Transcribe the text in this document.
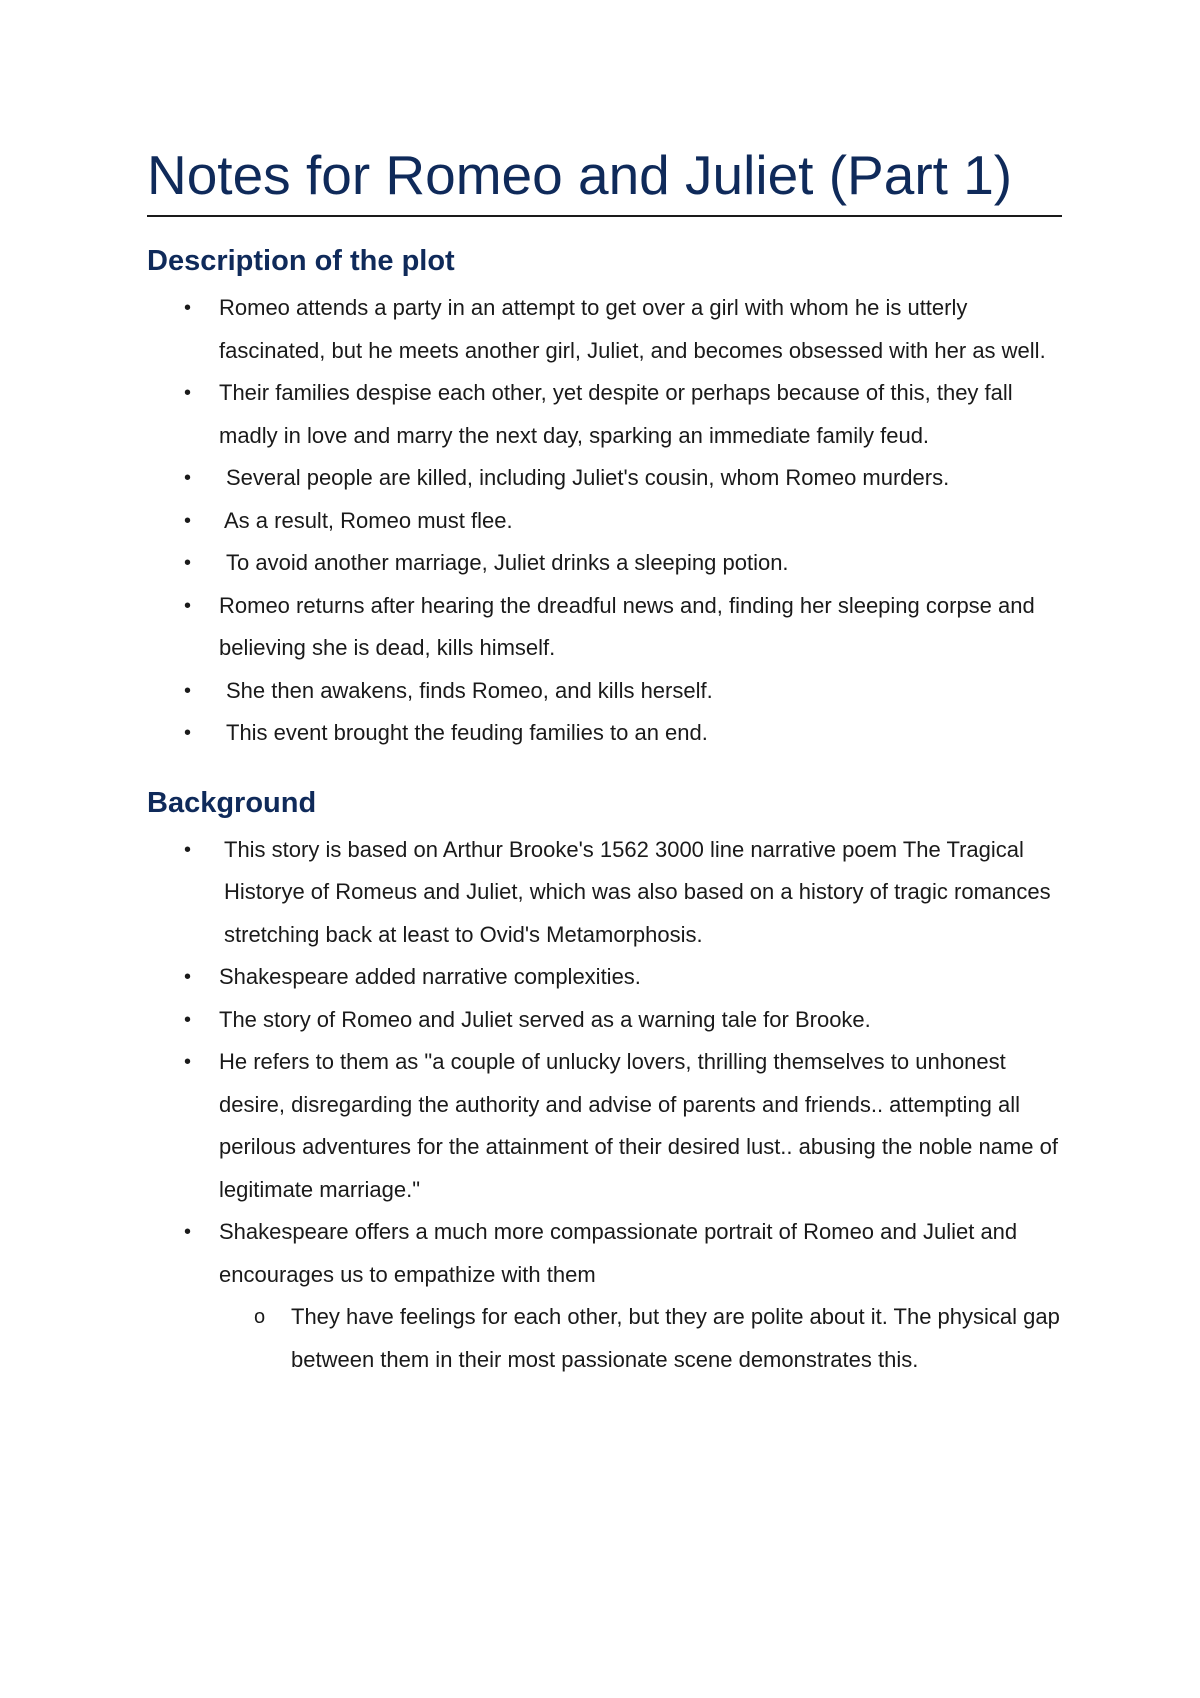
Notes for Romeo and Juliet (Part 1)
Description of the plot
• Romeo attends a party in an attempt to get over a girl with whom he is utterly fascinated, but he meets another girl, Juliet, and becomes obsessed with her as well.
• Their families despise each other, yet despite or perhaps because of this, they fall madly in love and marry the next day, sparking an immediate family feud.
• Several people are killed, including Juliet's cousin, whom Romeo murders.
• As a result, Romeo must flee.
• To avoid another marriage, Juliet drinks a sleeping potion.
• Romeo returns after hearing the dreadful news and, finding her sleeping corpse and believing she is dead, kills himself.
• She then awakens, finds Romeo, and kills herself.
• This event brought the feuding families to an end.
Background
• This story is based on Arthur Brooke's 1562 3000 line narrative poem The Tragical Historye of Romeus and Juliet, which was also based on a history of tragic romances stretching back at least to Ovid's Metamorphosis.
• Shakespeare added narrative complexities.
• The story of Romeo and Juliet served as a warning tale for Brooke.
• He refers to them as "a couple of unlucky lovers, thrilling themselves to unhonest desire, disregarding the authority and advise of parents and friends.. attempting all perilous adventures for the attainment of their desired lust.. abusing the noble name of legitimate marriage."
• Shakespeare offers a much more compassionate portrait of Romeo and Juliet and encourages us to empathize with them
o They have feelings for each other, but they are polite about it. The physical gap between them in their most passionate scene demonstrates this.
